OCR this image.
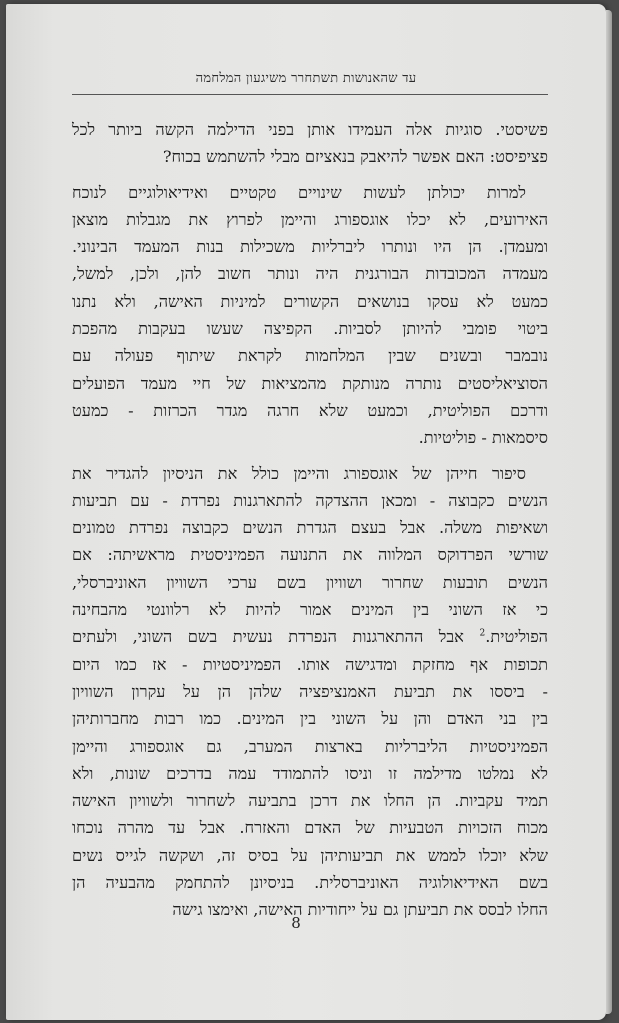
עד שהאנושות תשתחרר משיגעון המלחמה
פשיסטי. סוגיות אלה העמידו אותן בפני הדילמה הקשה ביותר לכל
פציפיסט: האם אפשר להיאבק בנאציזם מבלי להשתמש בכוח?
למרות יכולתן לעשות שינויים טקטיים ואידיאולוגיים לנוכח
האירועים, לא יכלו אוגספורג והיימן לפרוץ את מגבלות מוצאן
ומעמדן. הן היו ונותרו ליברליות משכילות בנות המעמד הבינוני.
מעמדה המכובדות הבורגנית היה ונותר חשוב להן, ולכן, למשל,
כמעט לא עסקו בנושאים הקשורים למיניות האישה, ולא נתנו
ביטוי פומבי להיותן לסביות. הקפיצה שעשו בעקבות מהפכת
נובמבר ובשנים שבין המלחמות לקראת שיתוף פעולה עם
הסוציאליסטים נותרה מנותקת מהמציאות של חיי מעמד הפועלים
ודרכם הפוליטית, וכמעט שלא חרגה מגדר הכרזות - כמעט
סיסמאות - פוליטיות.
סיפור חייהן של אוגספורג והיימן כולל את הניסיון להגדיר את
הנשים כקבוצה - ומכאן ההצדקה להתארגנות נפרדת - עם תביעות
ושאיפות משלה. אבל בעצם הגדרת הנשים כקבוצה נפרדת טמונים
שורשי הפרדוקס המלווה את התנועה הפמיניסטית מראשיתה: אם
הנשים תובעות שחרור ושוויון בשם ערכי השוויון האוניברסלי,
כי אז השוני בין המינים אמור להיות לא רלוונטי מהבחינה
הפוליטית.$^2$ אבל ההתארגנות הנפרדת נעשית בשם השוני, ולעתים
תכופות אף מחזקת ומדגישה אותו. הפמיניסטיות - אז כמו היום
- ביססו את תביעת האמנציפציה שלהן הן על עקרון השוויון
בין בני האדם והן על השוני בין המינים. כמו רבות מחברותיהן
הפמיניסטיות הליברליות בארצות המערב, גם אוגספורג והיימן
לא נמלטו מדילמה זו וניסו להתמודד עמה בדרכים שונות, ולא
תמיד עקביות. הן החלו את דרכן בתביעה לשחרור ולשוויון האישה
מכוח הזכויות הטבעיות של האדם והאזרח. אבל עד מהרה נוכחו
שלא יוכלו לממש את תביעותיהן על בסיס זה, ושקשה לגייס נשים
בשם האידיאולוגיה האוניברסלית. בניסיונן להתחמק מהבעיה הן
החלו לבסס את תביעתן גם על ייחודיות האישה, ואימצו גישה
8
